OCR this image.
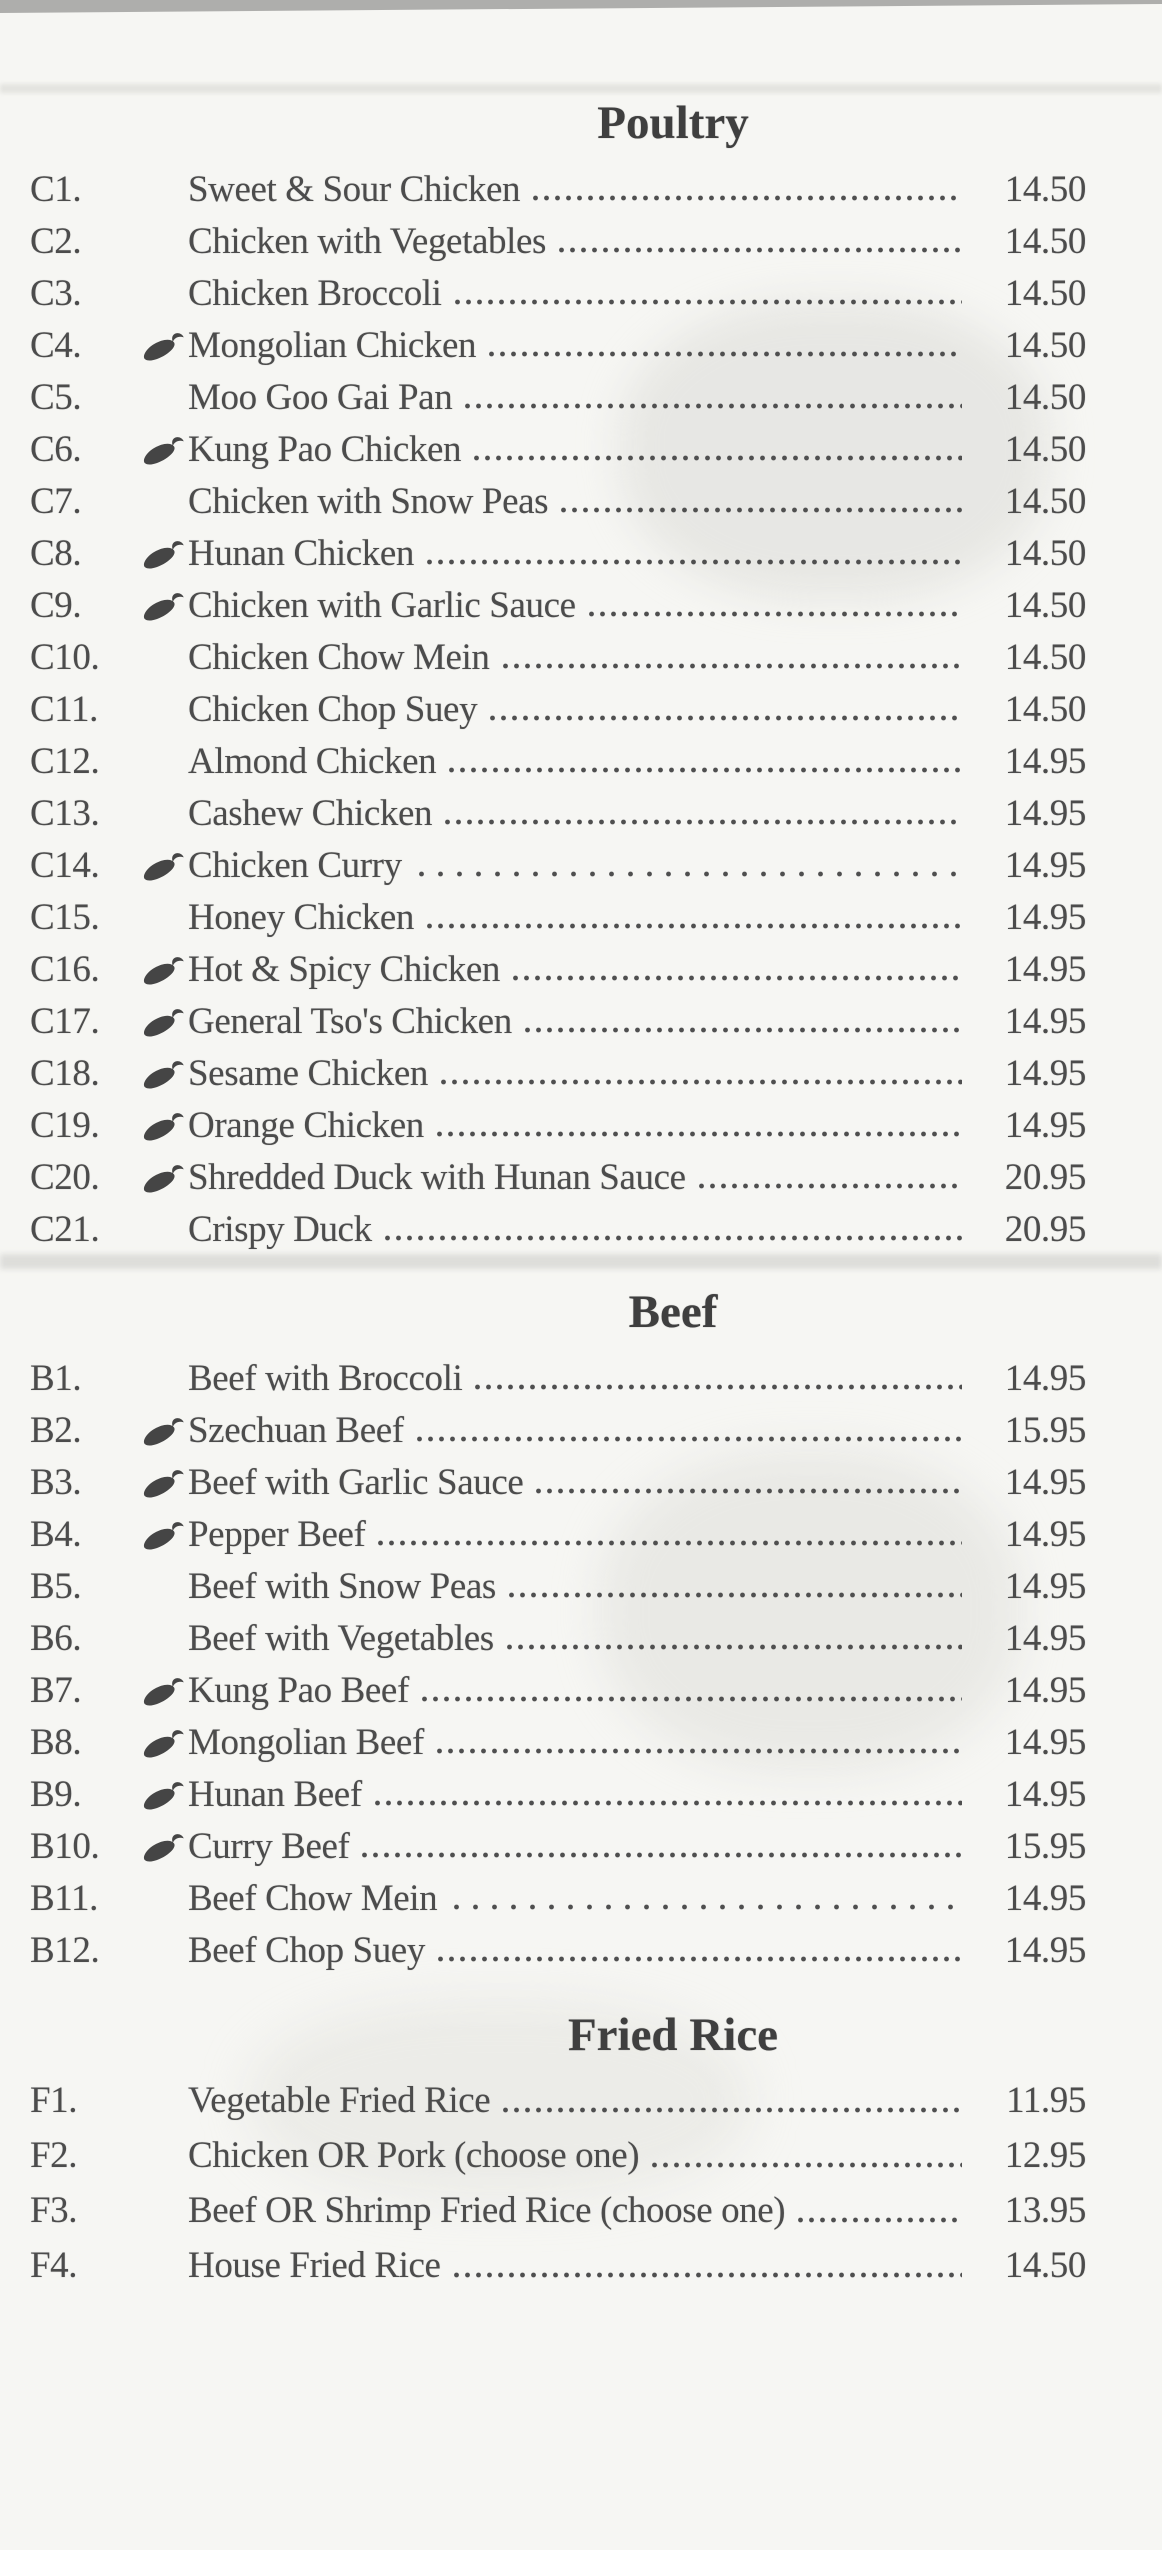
Poultry
C1.	Sweet & Sour Chicken	14.50
C2.	Chicken with Vegetables	14.50
C3.	Chicken Broccoli	14.50
C4.	Mongolian Chicken	14.50
C5.	Moo Goo Gai Pan	14.50
C6.	Kung Pao Chicken	14.50
C7.	Chicken with Snow Peas	14.50
C8.	Hunan Chicken	14.50
C9.	Chicken with Garlic Sauce	14.50
C10.	Chicken Chow Mein	14.50
C11.	Chicken Chop Suey	14.50
C12.	Almond Chicken	14.95
C13.	Cashew Chicken	14.95
C14.	Chicken Curry	14.95
C15.	Honey Chicken	14.95
C16.	Hot & Spicy Chicken	14.95
C17.	General Tso's Chicken	14.95
C18.	Sesame Chicken	14.95
C19.	Orange Chicken	14.95
C20.	Shredded Duck with Hunan Sauce	20.95
C21.	Crispy Duck	20.95
Beef
B1.	Beef with Broccoli	14.95
B2.	Szechuan Beef	15.95
B3.	Beef with Garlic Sauce	14.95
B4.	Pepper Beef	14.95
B5.	Beef with Snow Peas	14.95
B6.	Beef with Vegetables	14.95
B7.	Kung Pao Beef	14.95
B8.	Mongolian Beef	14.95
B9.	Hunan Beef	14.95
B10.	Curry Beef	15.95
B11.	Beef Chow Mein	14.95
B12.	Beef Chop Suey	14.95
Fried Rice
F1.	Vegetable Fried Rice	11.95
F2.	Chicken OR Pork (choose one)	12.95
F3.	Beef OR Shrimp Fried Rice (choose one)	13.95
F4.	House Fried Rice	14.50
